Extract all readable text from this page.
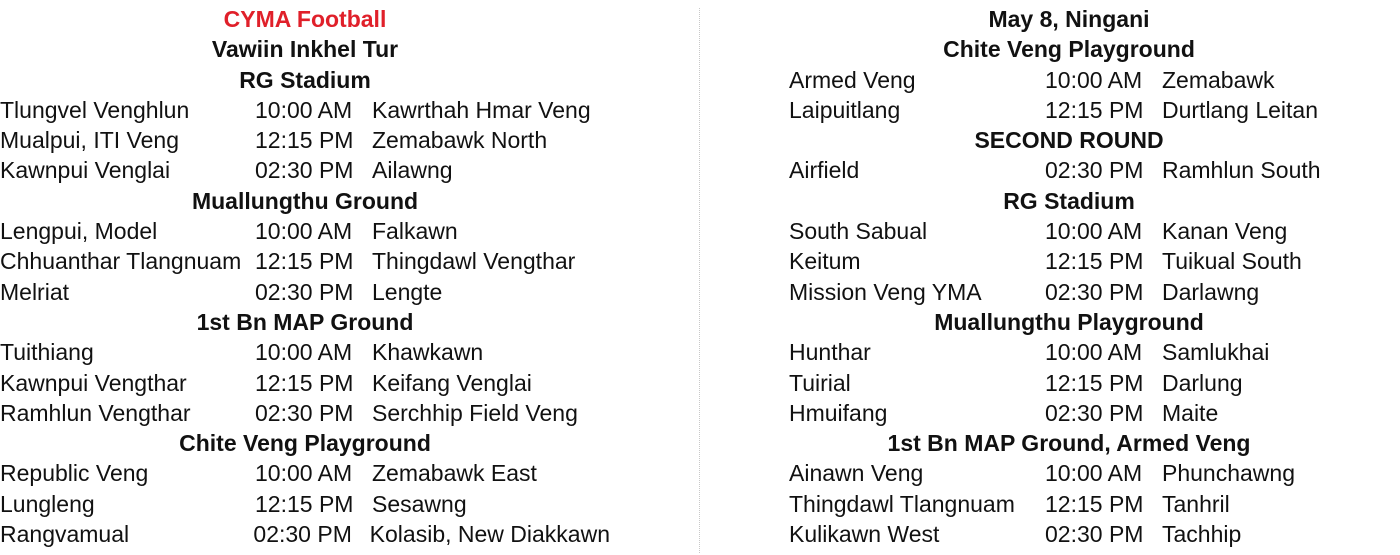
CYMA Football
Vawiin Inkhel Tur
RG Stadium
Tlungvel Venghlun	10:00 AM Kawrthah Hmar Veng
Mualpui, ITI Veng	12:15 PM Zemabawk North
Kawnpui Venglai	02:30 PM Ailawng
Muallungthu Ground
Lengpui, Model	10:00 AM Falkawn
Chhuanthar Tlangnuam 12:15 PM Thingdawl Vengthar
Melriat	02:30 PM Lengte
1st Bn MAP Ground
Tuithiang	10:00 AM Khawkawn
Kawnpui Vengthar	12:15 PM Keifang Venglai
Ramhlun Vengthar	02:30 PM Serchhip Field Veng
Chite Veng Playground
Republic Veng	10:00 AM Zemabawk East
Lungleng	12:15 PM Sesawng
Rangvamual	02:30 PM Kolasib, New Diakkawn
May 8, Ningani
Chite Veng Playground
Armed Veng	10:00 AM Zemabawk
Laipuitlang	12:15 PM Durtlang Leitan
SECOND ROUND
Airfield	02:30 PM Ramhlun South
RG Stadium
South Sabual	10:00 AM Kanan Veng
Keitum	12:15 PM Tuikual South
Mission Veng YMA	02:30 PM Darlawng
Muallungthu Playground
Hunthar	10:00 AM Samlukhai
Tuirial	12:15 PM Darlung
Hmuifang	02:30 PM Maite
1st Bn MAP Ground, Armed Veng
Ainawn Veng	10:00 AM Phunchawng
Thingdawl Tlangnuam	12:15 PM Tanhril
Kulikawn West	02:30 PM Tachhip
